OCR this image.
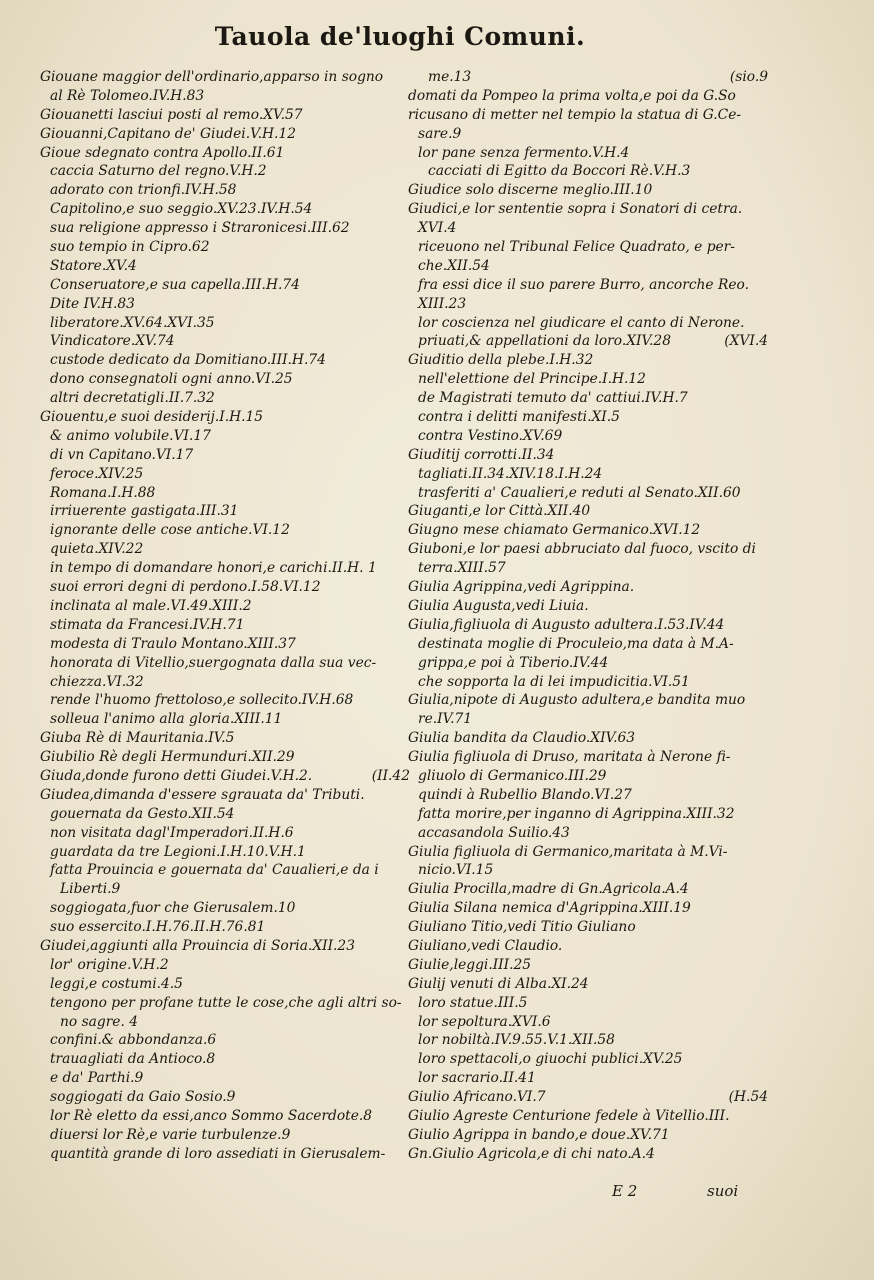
Tauola de'luoghi Comuni.
Giouane maggior dell'ordinario,apparso in sogno
al Rè Tolomeo.IV.H.83
Giouanetti lasciui posti al remo.XV.57
Giouanni,Capitano de' Giudei.V.H.12
Gioue sdegnato contra Apollo.II.61
caccia Saturno del regno.V.H.2
adorato con trionfi.IV.H.58
Capitolino,e suo seggio.XV.23.IV.H.54
sua religione appresso i Straronicesi.III.62
suo tempio in Cipro.62
Statore.XV.4
Conseruatore,e sua capella.III.H.74
Dite IV.H.83
liberatore.XV.64.XVI.35
Vindicatore.XV.74
custode dedicato da Domitiano.III.H.74
dono consegnatoli ogni anno.VI.25
altri decretatigli.II.7.32
Giouentu,e suoi desiderij.I.H.15
& animo volubile.VI.17
di vn Capitano.VI.17
feroce.XIV.25
Romana.I.H.88
irriuerente gastigata.III.31
ignorante delle cose antiche.VI.12
quieta.XIV.22
in tempo di domandare honori,e carichi.II.H. 1
suoi errori degni di perdono.I.58.VI.12
inclinata al male.VI.49.XIII.2
stimata da Francesi.IV.H.71
modesta di Traulo Montano.XIII.37
honorata di Vitellio,suergognata dalla sua vec-
chiezza.VI.32
rende l'huomo frettoloso,e sollecito.IV.H.68
solleua l'animo alla gloria.XIII.11
Giuba Rè di Mauritania.IV.5
Giubilio Rè degli Hermunduri.XII.29
Giuda,donde furono detti Giudei.V.H.2.	(II.42
Giudea,dimanda d'essere sgrauata da' Tributi.
gouernata da Gesto.XII.54
non visitata dagl'Imperadori.II.H.6
guardata da tre Legioni.I.H.10.V.H.1
fatta Prouincia e gouernata da' Caualieri,e da i
Liberti.9
soggiogata,fuor che Gierusalem.10
suo essercito.I.H.76.II.H.76.81
Giudei,aggiunti alla Prouincia di Soria.XII.23
lor' origine.V.H.2
leggi,e costumi.4.5
tengono per profane tutte le cose,che agli altri so-
no sagre. 4
confini.& abbondanza.6
trauagliati da Antioco.8
e da' Parthi.9
soggiogati da Gaio Sosio.9
lor Rè eletto da essi,anco Sommo Sacerdote.8
diuersi lor Rè,e varie turbulenze.9
quantità grande di loro assediati in Gierusalem-
me.13	(sio.9
domati da Pompeo la prima volta,e poi da G.So
ricusano di metter nel tempio la statua di G.Ce-
sare.9
lor pane senza fermento.V.H.4
cacciati di Egitto da Boccori Rè.V.H.3
Giudice solo discerne meglio.III.10
Giudici,e lor sententie sopra i Sonatori di cetra.
XVI.4
riceuono nel Tribunal Felice Quadrato, e per-
che.XII.54
fra essi dice il suo parere Burro, ancorche Reo.
XIII.23
lor coscienza nel giudicare el canto di Nerone.
(XVI.4
priuati,& appellationi da loro.XIV.28
Giuditio della plebe.I.H.32
nell'elettione del Principe.I.H.12
de Magistrati temuto da' cattiui.IV.H.7
contra i delitti manifesti.XI.5
contra Vestino.XV.69
Giuditij corrotti.II.34
tagliati.II.34.XIV.18.I.H.24
trasferiti a' Caualieri,e reduti al Senato.XII.60
Giuganti,e lor Città.XII.40
Giugno mese chiamato Germanico.XVI.12
Giuboni,e lor paesi abbruciato dal fuoco, vscito di
terra.XIII.57
Giulia Agrippina,vedi Agrippina.
Giulia Augusta,vedi Liuia.
Giulia,figliuola di Augusto adultera.I.53.IV.44
destinata moglie di Proculeio,ma data à M.A-
grippa,e poi à Tiberio.IV.44
che sopporta la di lei impudicitia.VI.51
Giulia,nipote di Augusto adultera,e bandita muo
re.IV.71
Giulia bandita da Claudio.XIV.63
Giulia figliuola di Druso, maritata à Nerone fi-
gliuolo di Germanico.III.29
quindi à Rubellio Blando.VI.27
fatta morire,per inganno di Agrippina.XIII.32
accasandola Suilio.43
Giulia figliuola di Germanico,maritata à M.Vi-
nicio.VI.15
Giulia Procilla,madre di Gn.Agricola.A.4
Giulia Silana nemica d'Agrippina.XIII.19
Giuliano Titio,vedi Titio Giuliano
Giuliano,vedi Claudio.
Giulie,leggi.III.25
Giulij venuti di Alba.XI.24
loro statue.III.5
lor sepoltura.XVI.6
lor nobiltà.IV.9.55.V.1.XII.58
loro spettacoli,o giuochi publici.XV.25
lor sacrario.II.41
Giulio Africano.VI.7	(H.54
Giulio Agreste Centurione fedele à Vitellio.III.
Giulio Agrippa in bando,e doue.XV.71
Gn.Giulio Agricola,e di chi nato.A.4
E 2	suoi
